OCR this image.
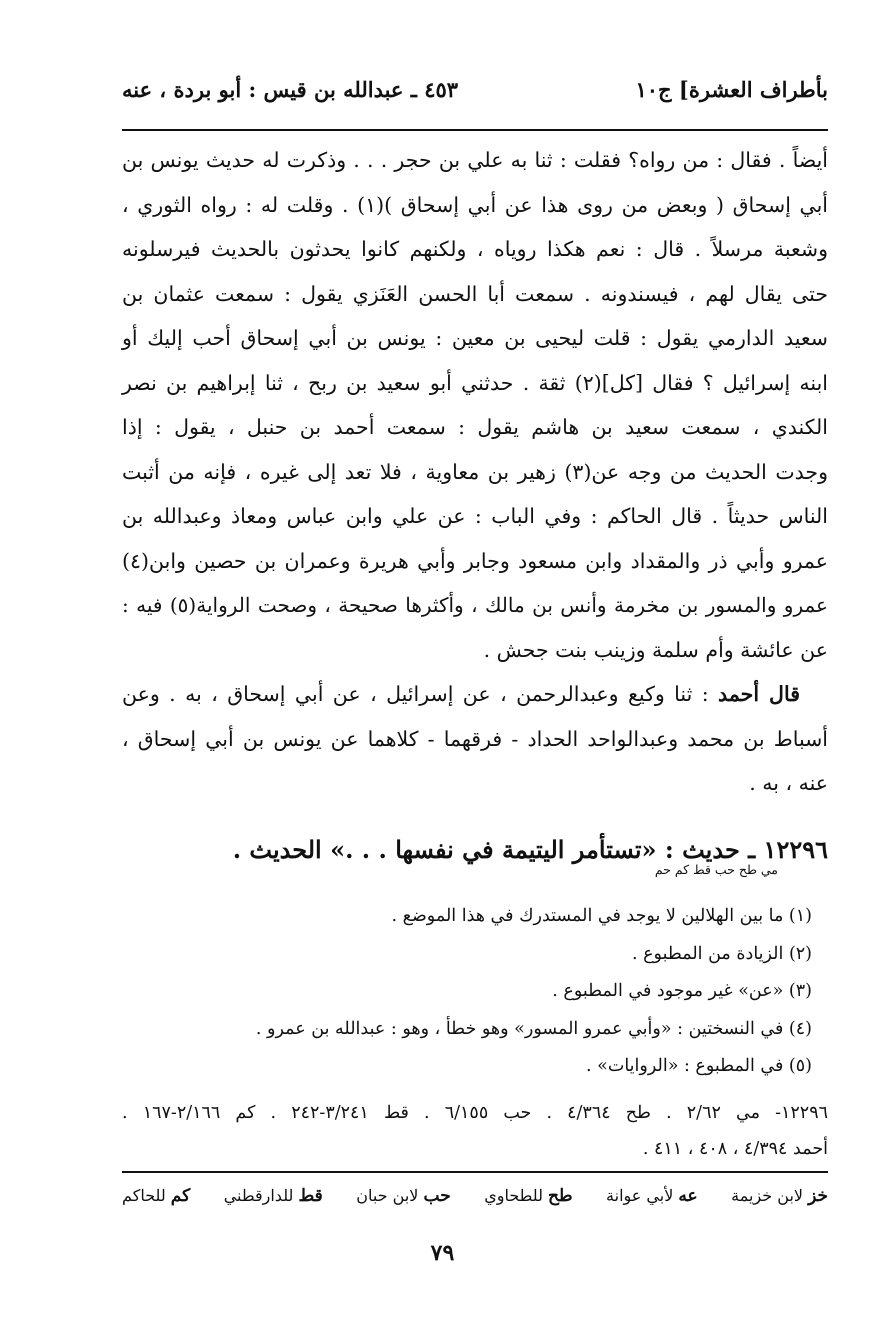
بأطراف العشرة] ج١٠
٤٥٣ ـ عبدالله بن قيس : أبو بردة ، عنه
أيضاً . فقال : من رواه؟ فقلت : ثنا به علي بن حجر . . . وذكرت له حديث يونس بن
أبي إسحاق ( وبعض من روى هذا عن أبي إسحاق )(١) . وقلت له : رواه الثوري ،
وشعبة مرسلاً . قال : نعم هكذا روياه ، ولكنهم كانوا يحدثون بالحديث فيرسلونه
حتى يقال لهم ، فيسندونه . سمعت أبا الحسن العَنَزي يقول : سمعت عثمان بن
سعيد الدارمي يقول : قلت ليحيى بن معين : يونس بن أبي إسحاق أحب إليك أو
ابنه إسرائيل ؟ فقال [كل](٢) ثقة . حدثني أبو سعيد بن ربح ، ثنا إبراهيم بن نصر
الكندي ، سمعت سعيد بن هاشم يقول : سمعت أحمد بن حنبل ، يقول : إذا
وجدت الحديث من وجه عن(٣) زهير بن معاوية ، فلا تعد إلى غيره ، فإنه من أثبت
الناس حديثاً . قال الحاكم : وفي الباب : عن علي وابن عباس ومعاذ وعبدالله بن
عمرو وأبي ذر والمقداد وابن مسعود وجابر وأبي هريرة وعمران بن حصين وابن(٤)
عمرو والمسور بن مخرمة وأنس بن مالك ، وأكثرها صحيحة ، وصحت الرواية(٥) فيه :
عن عائشة وأم سلمة وزينب بنت جحش .
قال أحمد : ثنا وكيع وعبدالرحمن ، عن إسرائيل ، عن أبي إسحاق ، به . وعن
أسباط بن محمد وعبدالواحد الحداد - فرقهما - كلاهما عن يونس بن أبي إسحاق ،
عنه ، به .
١٢٢٩٦ ـ حديث : «تستأمر اليتيمة في نفسها . . .» الحديث .
مي طح حب قط كم حم
(١) ما بين الهلالين لا يوجد في المستدرك في هذا الموضع .
(٢) الزيادة من المطبوع .
(٣) «عن» غير موجود في المطبوع .
(٤) في النسختين : «وأبي عمرو المسور» وهو خطأ ، وهو : عبدالله بن عمرو .
(٥) في المطبوع : «الروايات» .
١٢٢٩٦- مي ٢/٦٢ . طح ٤/٣٦٤ . حب ٦/١٥٥ . قط ٣/٢٤١-٢٤٢ . كم ٢/١٦٦-١٦٧ .
أحمد ٤/٣٩٤ ، ٤٠٨ ، ٤١١ .
خز لابن خزيمة
عه لأبي عوانة
طح للطحاوي
حب لابن حبان
قط للدارقطني
كم للحاكم
٧٩
